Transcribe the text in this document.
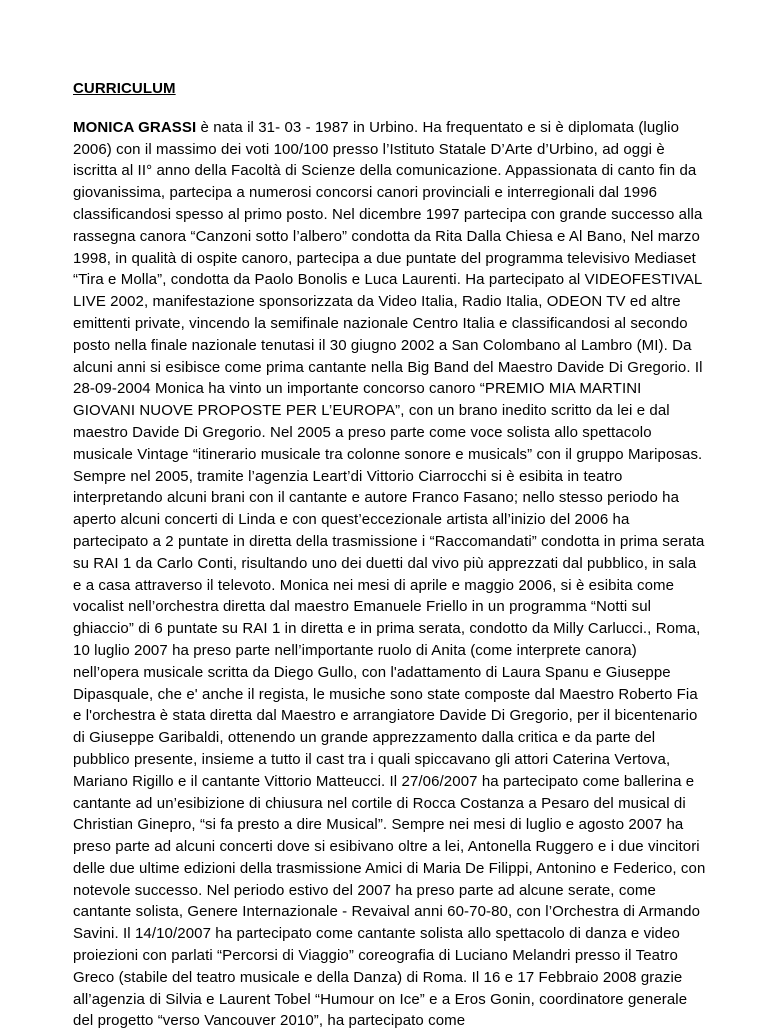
CURRICULUM

MONICA GRASSI è nata il 31- 03 - 1987 in Urbino. Ha frequentato e si è diplomata (luglio 2006) con il massimo dei voti 100/100 presso l’Istituto Statale D’Arte d’Urbino, ad oggi è iscritta al II° anno della Facoltà di Scienze della comunicazione. Appassionata di canto fin da giovanissima, partecipa a numerosi concorsi canori provinciali e interregionali dal 1996 classificandosi spesso al primo posto. Nel dicembre 1997 partecipa con grande successo alla rassegna canora “Canzoni sotto l’albero” condotta da Rita Dalla Chiesa e Al Bano, Nel marzo 1998, in qualità di ospite canoro, partecipa a due puntate del programma televisivo Mediaset “Tira e Molla”, condotta da Paolo Bonolis e Luca Laurenti. Ha partecipato al VIDEOFESTIVAL LIVE 2002, manifestazione sponsorizzata da Video Italia, Radio Italia, ODEON TV ed altre emittenti private, vincendo la semifinale nazionale Centro Italia e classificandosi al secondo posto nella finale nazionale tenutasi il 30 giugno 2002 a San Colombano al Lambro (MI). Da alcuni anni si esibisce come prima cantante nella Big Band del Maestro Davide Di Gregorio. Il 28-09-2004 Monica ha vinto un importante concorso canoro “PREMIO MIA MARTINI GIOVANI NUOVE PROPOSTE PER L’EUROPA”, con un brano inedito scritto da lei e dal maestro Davide Di Gregorio. Nel 2005 a preso parte come voce solista allo spettacolo musicale Vintage “itinerario musicale tra colonne sonore e musicals” con il gruppo Mariposas. Sempre nel 2005, tramite l’agenzia Leart’di Vittorio Ciarrocchi si è esibita in teatro interpretando alcuni brani con il cantante e autore Franco Fasano; nello stesso periodo ha aperto alcuni concerti di Linda e con quest’eccezionale artista all’inizio del 2006 ha partecipato a 2 puntate in diretta della trasmissione i “Raccomandati” condotta in prima serata su RAI 1 da Carlo Conti, risultando uno dei duetti dal vivo più apprezzati dal pubblico, in sala e a casa attraverso il televoto. Monica nei mesi di aprile e maggio 2006, si è esibita come vocalist nell’orchestra diretta dal maestro Emanuele Friello in un programma “Notti sul ghiaccio” di 6 puntate su RAI 1 in diretta e in prima serata, condotto da Milly Carlucci., Roma, 10 luglio 2007 ha preso parte nell’importante ruolo di Anita (come interprete canora) nell’opera musicale scritta da Diego Gullo, con l'adattamento di Laura Spanu e Giuseppe Dipasquale, che e' anche il regista, le musiche sono state composte dal Maestro Roberto Fia e l'orchestra è stata diretta dal Maestro e arrangiatore Davide Di Gregorio, per il bicentenario di Giuseppe Garibaldi, ottenendo un grande apprezzamento dalla critica e da parte del pubblico presente, insieme a tutto il cast tra i quali spiccavano gli attori Caterina Vertova, Mariano Rigillo e il cantante Vittorio Matteucci. Il 27/06/2007 ha partecipato come ballerina e cantante ad un’esibizione di chiusura nel cortile di Rocca Costanza a Pesaro del musical di Christian Ginepro, “si fa presto a dire Musical”. Sempre nei mesi di luglio e agosto 2007 ha preso parte ad alcuni concerti dove si esibivano oltre a lei, Antonella Ruggero e i due vincitori delle due ultime edizioni della trasmissione Amici di Maria De Filippi, Antonino e Federico, con notevole successo. Nel periodo estivo del 2007 ha preso parte ad alcune serate, come cantante solista, Genere Internazionale - Revaival anni 60-70-80, con l’Orchestra di Armando Savini. Il 14/10/2007 ha partecipato come cantante solista allo spettacolo di danza e video proiezioni con parlati “Percorsi di Viaggio” coreografia di Luciano Melandri presso il Teatro Greco (stabile del teatro musicale e della Danza) di Roma. Il 16 e 17 Febbraio 2008 grazie all’agenzia di Silvia e Laurent Tobel “Humour on Ice” e a Eros Gonin, coordinatore generale del progetto “verso Vancouver 2010”, ha partecipato come
